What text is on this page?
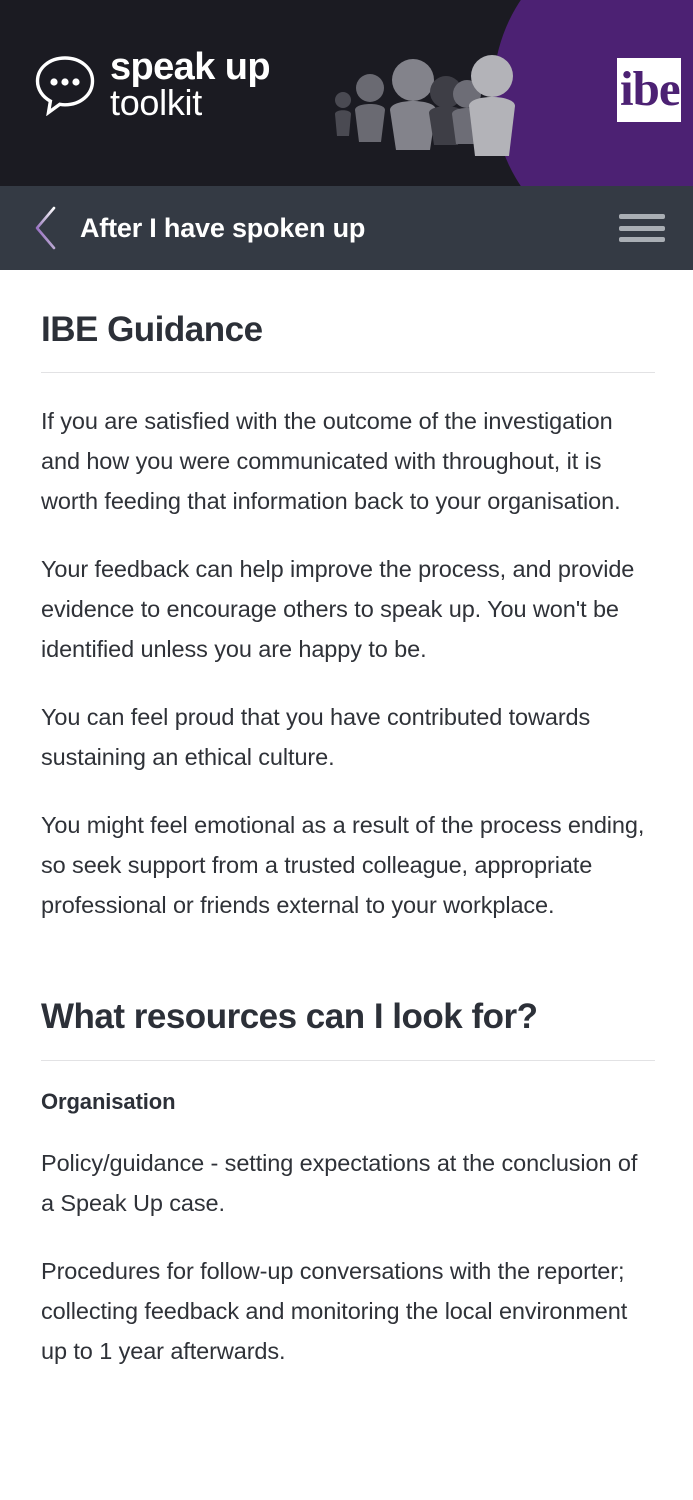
speak up
toolkit	ibe
After I have spoken up
IBE Guidance

If you are satisfied with the outcome of the investigation and how you were communicated with throughout, it is worth feeding that information back to your organisation.

Your feedback can help improve the process, and provide evidence to encourage others to speak up. You won't be identified unless you are happy to be.

You can feel proud that you have contributed towards sustaining an ethical culture.

You might feel emotional as a result of the process ending, so seek support from a trusted colleague, appropriate professional or friends external to your workplace.

What resources can I look for?
Organisation

Policy/guidance - setting expectations at the conclusion of a Speak Up case.

Procedures for follow-up conversations with the reporter; collecting feedback and monitoring the local environment up to 1 year afterwards.
